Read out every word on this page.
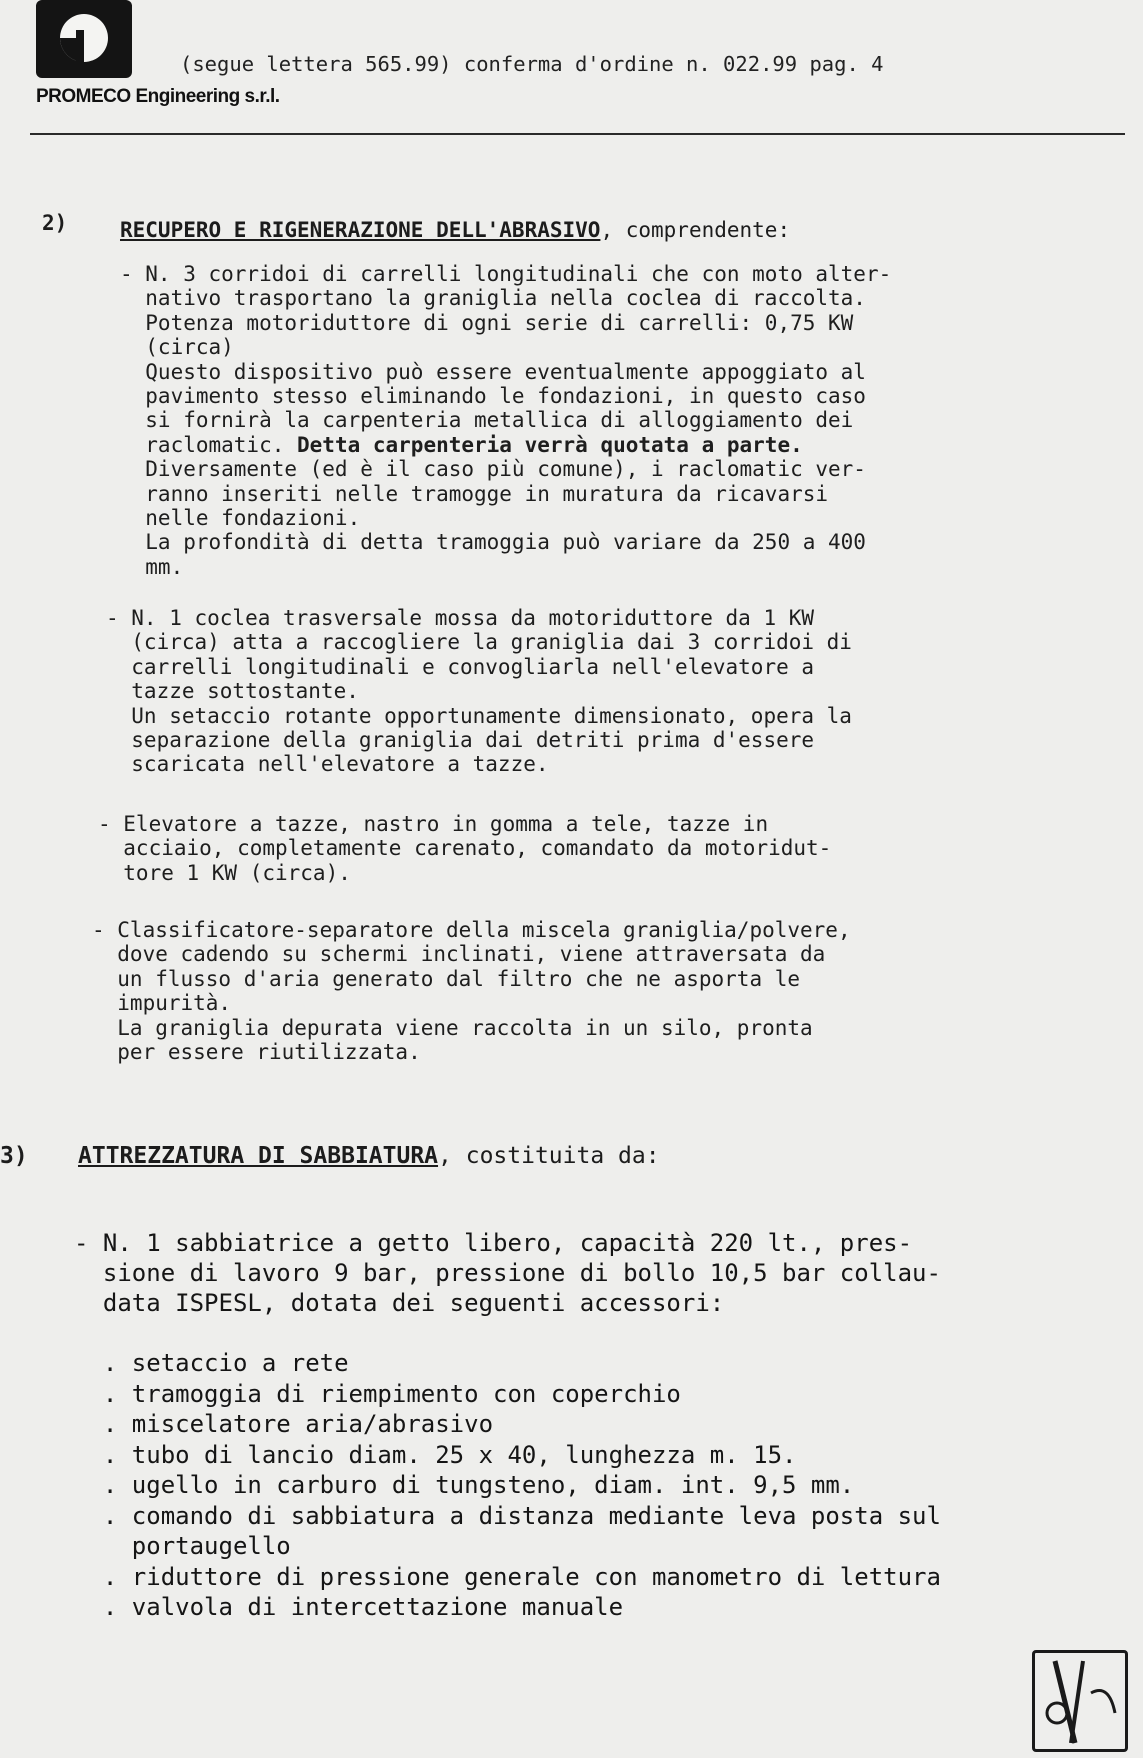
PROMECO Engineering s.r.l.
(segue lettera 565.99) conferma d'ordine n. 022.99 pag. 4
2)	RECUPERO E RIGENERAZIONE DELL'ABRASIVO, comprendente:
- N. 3 corridoi di carrelli longitudinali che con moto alter-
nativo trasportano la graniglia nella coclea di raccolta.
Potenza motoriduttore di ogni serie di carrelli: 0,75 KW
(circa)
Questo dispositivo può essere eventualmente appoggiato al
pavimento stesso eliminando le fondazioni, in questo caso
si fornirà la carpenteria metallica di alloggiamento dei
raclomatic. Detta carpenteria verrà quotata a parte.
Diversamente (ed è il caso più comune), i raclomatic ver-
ranno inseriti nelle tramogge in muratura da ricavarsi
nelle fondazioni.
La profondità di detta tramoggia può variare da 250 a 400
mm.
- N. 1 coclea trasversale mossa da motoriduttore da 1 KW
(circa) atta a raccogliere la graniglia dai 3 corridoi di
carrelli longitudinali e convogliarla nell'elevatore a
tazze sottostante.
Un setaccio rotante opportunamente dimensionato, opera la
separazione della graniglia dai detriti prima d'essere
scaricata nell'elevatore a tazze.
- Elevatore a tazze, nastro in gomma a tele, tazze in
acciaio, completamente carenato, comandato da motoridut-
tore 1 KW (circa).
- Classificatore-separatore della miscela graniglia/polvere,
dove cadendo su schermi inclinati, viene attraversata da
un flusso d'aria generato dal filtro che ne asporta le
impurità.
La graniglia depurata viene raccolta in un silo, pronta
per essere riutilizzata.
3) ATTREZZATURA DI SABBIATURA, costituita da:
- N. 1 sabbiatrice a getto libero, capacità 220 lt., pres-
sione di lavoro 9 bar, pressione di bollo 10,5 bar collau-
data ISPESL, dotata dei seguenti accessori:
. setaccio a rete
. tramoggia di riempimento con coperchio
. miscelatore aria/abrasivo
. tubo di lancio diam. 25 x 40, lunghezza m. 15.
. ugello in carburo di tungsteno, diam. int. 9,5 mm.
. comando di sabbiatura a distanza mediante leva posta sul
portaugello
. riduttore di pressione generale con manometro di lettura
. valvola di intercettazione manuale
